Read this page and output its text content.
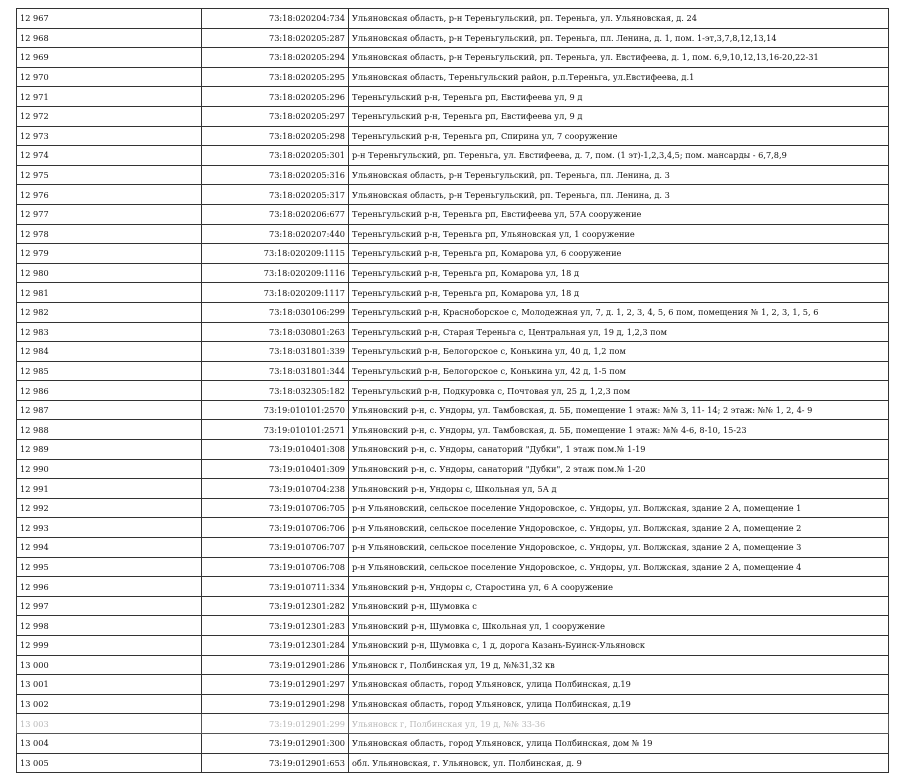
12 967	73:18:020204:734	Ульяновская область, р-н Тереньгульский, рп. Тереньга, ул. Ульяновская, д. 24
12 968	73:18:020205:287	Ульяновская область, р-н Тереньгульский, рп. Тереньга, пл. Ленина, д. 1, пом. 1-эт,3,7,8,12,13,14
12 969	73:18:020205:294	Ульяновская область, р-н Тереньгульский, рп. Тереньга, ул. Евстифеева, д. 1, пом. 6,9,10,12,13,16-20,22-31
12 970	73:18:020205:295	Ульяновская область, Тереньгульский район, р.п.Тереньга, ул.Евстифеева, д.1
12 971	73:18:020205:296	Тереньгульский р-н, Тереньга рп, Евстифеева ул, 9 д
12 972	73:18:020205:297	Тереньгульский р-н, Тереньга рп, Евстифеева ул, 9 д
12 973	73:18:020205:298	Тереньгульский р-н, Тереньга рп, Спирина ул, 7 сооружение
12 974	73:18:020205:301	р-н Тереньгульский, рп. Тереньга, ул. Евстифеева, д. 7, пом. (1 эт)-1,2,3,4,5; пом. мансарды - 6,7,8,9
12 975	73:18:020205:316	Ульяновская область, р-н Тереньгульский, рп. Тереньга, пл. Ленина, д. 3
12 976	73:18:020205:317	Ульяновская область, р-н Тереньгульский, рп. Тереньга, пл. Ленина, д. 3
12 977	73:18:020206:677	Тереньгульский р-н, Тереньга рп, Евстифеева ул, 57А сооружение
12 978	73:18:020207:440	Тереньгульский р-н, Тереньга рп, Ульяновская ул, 1 сооружение
12 979	73:18:020209:1115	Тереньгульский р-н, Тереньга рп, Комарова ул, 6 сооружение
12 980	73:18:020209:1116	Тереньгульский р-н, Тереньга рп, Комарова ул, 18 д
12 981	73:18:020209:1117	Тереньгульский р-н, Тереньга рп, Комарова ул, 18 д
12 982	73:18:030106:299	Тереньгульский р-н, Красноборское с, Молодежная ул, 7, д. 1, 2, 3, 4, 5, 6 пом, помещения № 1, 2, 3, 1, 5, 6
12 983	73:18:030801:263	Тереньгульский р-н, Старая Тереньга с, Центральная ул, 19 д, 1,2,3 пом
12 984	73:18:031801:339	Тереньгульский р-н, Белогорское с, Конькина ул, 40 д, 1,2 пом
12 985	73:18:031801:344	Тереньгульский р-н, Белогорское с, Конькина ул, 42 д, 1-5 пом
12 986	73:18:032305:182	Тереньгульский р-н, Подкуровка с, Почтовая ул, 25 д, 1,2,3 пом
12 987	73:19:010101:2570	Ульяновский р-н, с. Ундоры, ул. Тамбовская, д. 5Б, помещение 1 этаж: №№ 3, 11- 14; 2 этаж: №№ 1, 2, 4- 9
12 988	73:19:010101:2571	Ульяновский р-н, с. Ундоры, ул. Тамбовская, д. 5Б, помещение 1 этаж: №№ 4-6, 8-10, 15-23
12 989	73:19:010401:308	Ульяновский р-н, с. Ундоры, санаторий "Дубки", 1 этаж пом.№ 1-19
12 990	73:19:010401:309	Ульяновский р-н, с. Ундоры, санаторий "Дубки", 2 этаж пом.№ 1-20
12 991	73:19:010704:238	Ульяновский р-н, Ундоры с, Школьная ул, 5А д
12 992	73:19:010706:705	р-н Ульяновский, сельское поселение Ундоровское, с. Ундоры, ул. Волжская, здание 2 А, помещение 1
12 993	73:19:010706:706	р-н Ульяновский, сельское поселение Ундоровское, с. Ундоры, ул. Волжская, здание 2 А, помещение 2
12 994	73:19:010706:707	р-н Ульяновский, сельское поселение Ундоровское, с. Ундоры, ул. Волжская, здание 2 А, помещение 3
12 995	73:19:010706:708	р-н Ульяновский, сельское поселение Ундоровское, с. Ундоры, ул. Волжская, здание 2 А, помещение 4
12 996	73:19:010711:334	Ульяновский р-н, Ундоры с, Старостина ул, 6 А сооружение
12 997	73:19:012301:282	Ульяновский р-н, Шумовка с
12 998	73:19:012301:283	Ульяновский р-н, Шумовка с, Школьная ул, 1 сооружение
12 999	73:19:012301:284	Ульяновский р-н, Шумовка с, 1 д, дорога Казань-Буинск-Ульяновск
13 000	73:19:012901:286	Ульяновск г, Полбинская ул, 19 д, №№31,32 кв
13 001	73:19:012901:297	Ульяновская область, город Ульяновск, улица Полбинская, д.19
13 002	73:19:012901:298	Ульяновская область, город Ульяновск, улица Полбинская, д.19
13 003	73:19:012901:299	Ульяновск г, Полбинская ул, 19 д, №№ 33-36
13 004	73:19:012901:300	Ульяновская область, город Ульяновск, улица Полбинская, дом № 19
13 005	73:19:012901:653	обл. Ульяновская, г. Ульяновск, ул. Полбинская, д. 9
